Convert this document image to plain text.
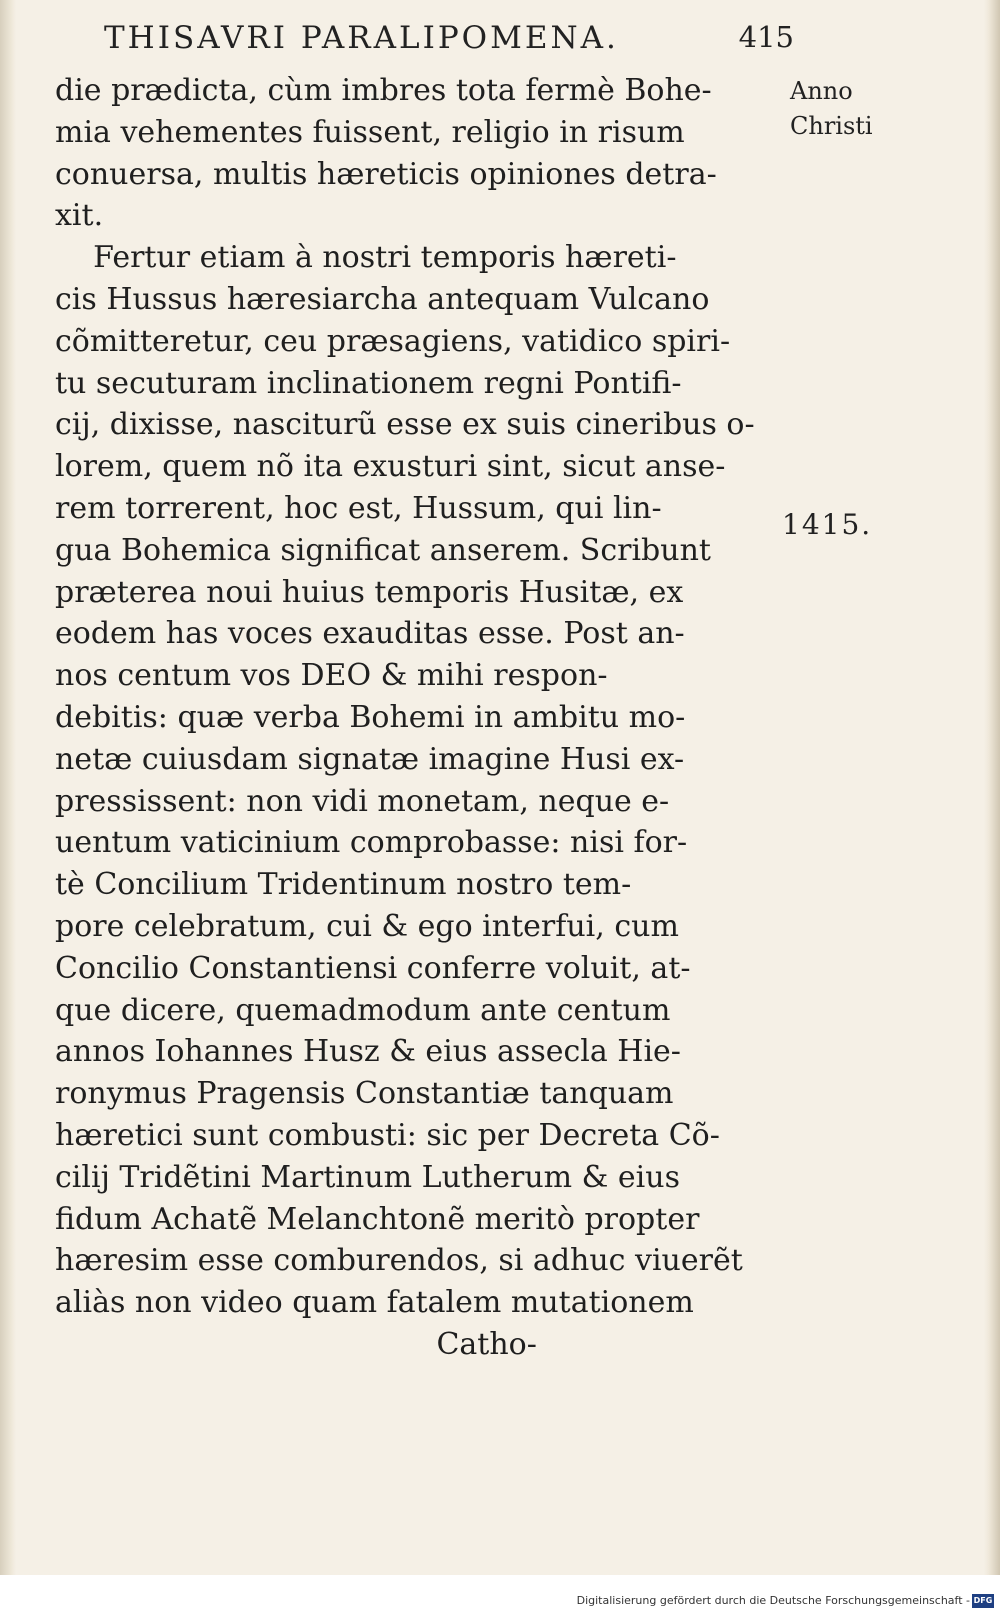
THISAVRI PARALIPOMENA.	415
die prædicta, cùm imbres tota fermè Bohe-
mia vehementes fuissent, religio in risum
conuersa, multis hæreticis opiniones detra-
xit.
Fertur etiam à nostri temporis hæreti-
cis Hussus hæresiarcha antequam Vulcano
cõmitteretur, ceu præsagiens, vatidico spiri-
tu secuturam inclinationem regni Pontifi-
cij, dixisse, nasciturũ esse ex suis cineribus o-
lorem, quem nõ ita exusturi sint, sicut anse-
rem torrerent, hoc est, Hussum, qui lin-
gua Bohemica significat anserem. Scribunt
præterea noui huius temporis Husitæ, ex
eodem has voces exauditas esse. Post an-
nos centum vos DEO & mihi respon-
debitis: quæ verba Bohemi in ambitu mo-
netæ cuiusdam signatæ imagine Husi ex-
pressissent: non vidi monetam, neque e-
uentum vaticinium comprobasse: nisi for-
tè Concilium Tridentinum nostro tem-
pore celebratum, cui & ego interfui, cum
Concilio Constantiensi conferre voluit, at-
que dicere, quemadmodum ante centum
annos Iohannes Husz & eius assecla Hie-
ronymus Pragensis Constantiæ tanquam
hæretici sunt combusti: sic per Decreta Cõ-
cilij Tridẽtini Martinum Lutherum & eius
fidum Achatẽ Melanchtonẽ meritò propter
hæresim esse comburendos, si adhuc viuerẽt
aliàs non video quam fatalem mutationem
Catho-
Anno
Christi
1415.
Digitalisierung gefördert durch die Deutsche Forschungsgemeinschaft - DFG
